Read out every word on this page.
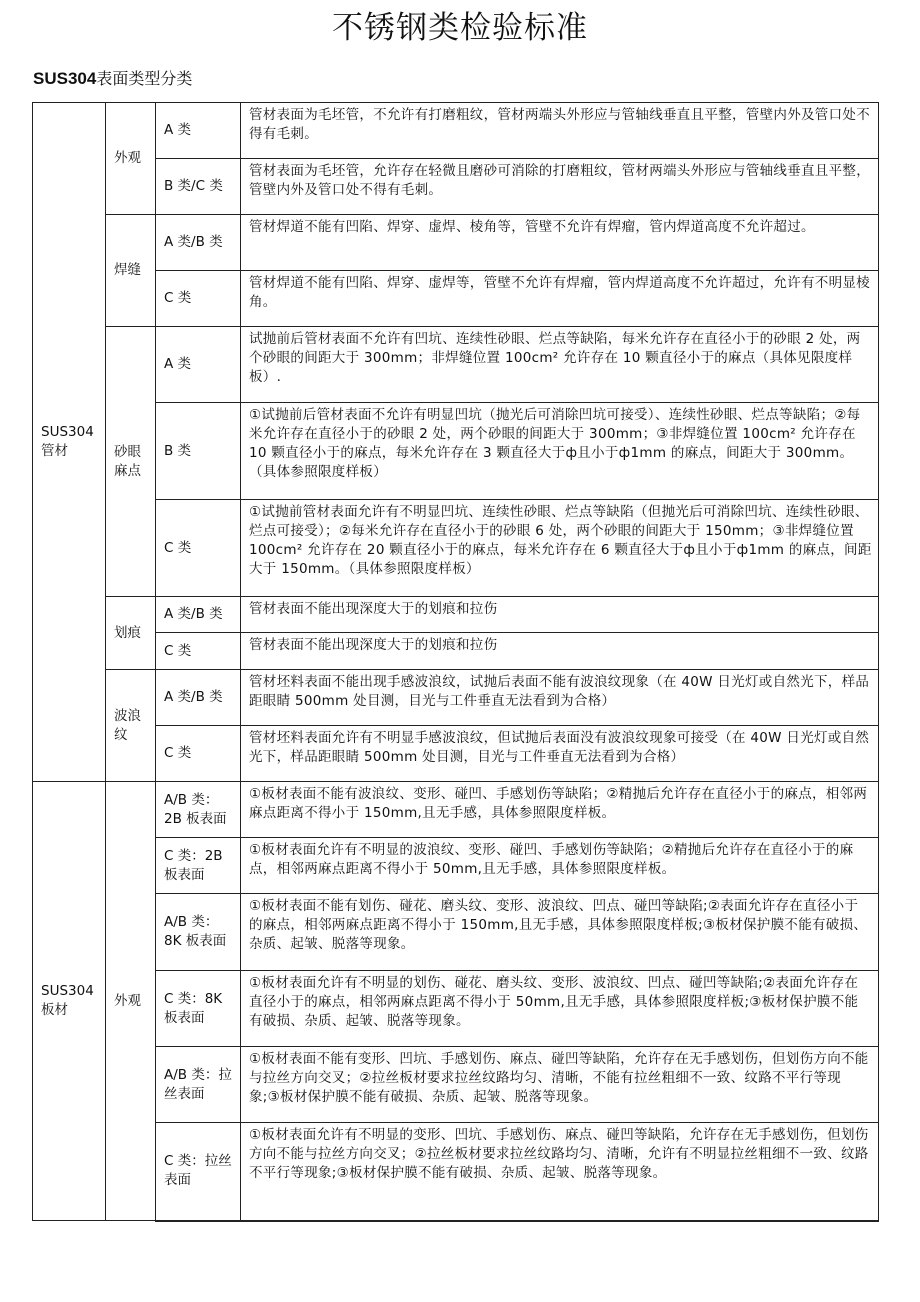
不锈钢类检验标准
SUS304表面类型分类
SUS304
管材	外观	A 类	管材表面为毛坯管，不允许有打磨粗纹，管材两端头外形应与管轴线垂直且平整，管壁内外及管口处不得有毛刺。
		B 类/C 类	管材表面为毛坯管，允许存在轻微且磨砂可消除的打磨粗纹，管材两端头外形应与管轴线垂直且平整，管壁内外及管口处不得有毛刺。
	焊缝	A 类/B 类	管材焊道不能有凹陷、焊穿、虚焊、棱角等，管壁不允许有焊瘤，管内焊道高度不允许超过。
		C 类	管材焊道不能有凹陷、焊穿、虚焊等，管壁不允许有焊瘤，管内焊道高度不允许超过，允许有不明显棱角。
	砂眼麻点	A 类	试抛前后管材表面不允许有凹坑、连续性砂眼、烂点等缺陷，每米允许存在直径小于的砂眼 2 处，两个砂眼的间距大于 300mm；非焊缝位置 100cm² 允许存在 10 颗直径小于的麻点（具体见限度样板）.
		B 类	①试抛前后管材表面不允许有明显凹坑（抛光后可消除凹坑可接受）、连续性砂眼、烂点等缺陷；②每米允许存在直径小于的砂眼 2 处，两个砂眼的间距大于 300mm；③非焊缝位置 100cm² 允许存在 10 颗直径小于的麻点，每米允许存在 3 颗直径大于ф且小于ф1mm 的麻点，间距大于 300mm。（具体参照限度样板）
		C 类	①试抛前管材表面允许有不明显凹坑、连续性砂眼、烂点等缺陷（但抛光后可消除凹坑、连续性砂眼、烂点可接受）；②每米允许存在直径小于的砂眼 6 处，两个砂眼的间距大于 150mm；③非焊缝位置 100cm² 允许存在 20 颗直径小于的麻点，每米允许存在 6 颗直径大于ф且小于ф1mm 的麻点，间距大于 150mm。（具体参照限度样板）
	划痕	A 类/B 类	管材表面不能出现深度大于的划痕和拉伤
		C 类	管材表面不能出现深度大于的划痕和拉伤
	波浪纹	A 类/B 类	管材坯料表面不能出现手感波浪纹，试抛后表面不能有波浪纹现象（在 40W 日光灯或自然光下，样品距眼睛 500mm 处目测，目光与工件垂直无法看到为合格）
		C 类	管材坯料表面允许有不明显手感波浪纹，但试抛后表面没有波浪纹现象可接受（在 40W 日光灯或自然光下，样品距眼睛 500mm 处目测，目光与工件垂直无法看到为合格）
SUS304
板材	外观	A/B 类：2B 板表面	①板材表面不能有波浪纹、变形、碰凹、手感划伤等缺陷；②精抛后允许存在直径小于的麻点，相邻两麻点距离不得小于 150mm,且无手感，具体参照限度样板。
		C 类：2B 板表面	①板材表面允许有不明显的波浪纹、变形、碰凹、手感划伤等缺陷；②精抛后允许存在直径小于的麻点，相邻两麻点距离不得小于 50mm,且无手感，具体参照限度样板。
		A/B 类：8K 板表面	①板材表面不能有划伤、碰花、磨头纹、变形、波浪纹、凹点、碰凹等缺陷;②表面允许存在直径小于的麻点，相邻两麻点距离不得小于 150mm,且无手感，具体参照限度样板;③板材保护膜不能有破损、杂质、起皱、脱落等现象。
		C 类：8K 板表面	①板材表面允许有不明显的划伤、碰花、磨头纹、变形、波浪纹、凹点、碰凹等缺陷;②表面允许存在直径小于的麻点，相邻两麻点距离不得小于 50mm,且无手感，具体参照限度样板;③板材保护膜不能有破损、杂质、起皱、脱落等现象。
		A/B 类：拉丝表面	①板材表面不能有变形、凹坑、手感划伤、麻点、碰凹等缺陷，允许存在无手感划伤，但划伤方向不能与拉丝方向交叉；②拉丝板材要求拉丝纹路均匀、清晰，不能有拉丝粗细不一致、纹路不平行等现象;③板材保护膜不能有破损、杂质、起皱、脱落等现象。
		C 类：拉丝表面	①板材表面允许有不明显的变形、凹坑、手感划伤、麻点、碰凹等缺陷，允许存在无手感划伤，但划伤方向不能与拉丝方向交叉；②拉丝板材要求拉丝纹路均匀、清晰，允许有不明显拉丝粗细不一致、纹路不平行等现象;③板材保护膜不能有破损、杂质、起皱、脱落等现象。
